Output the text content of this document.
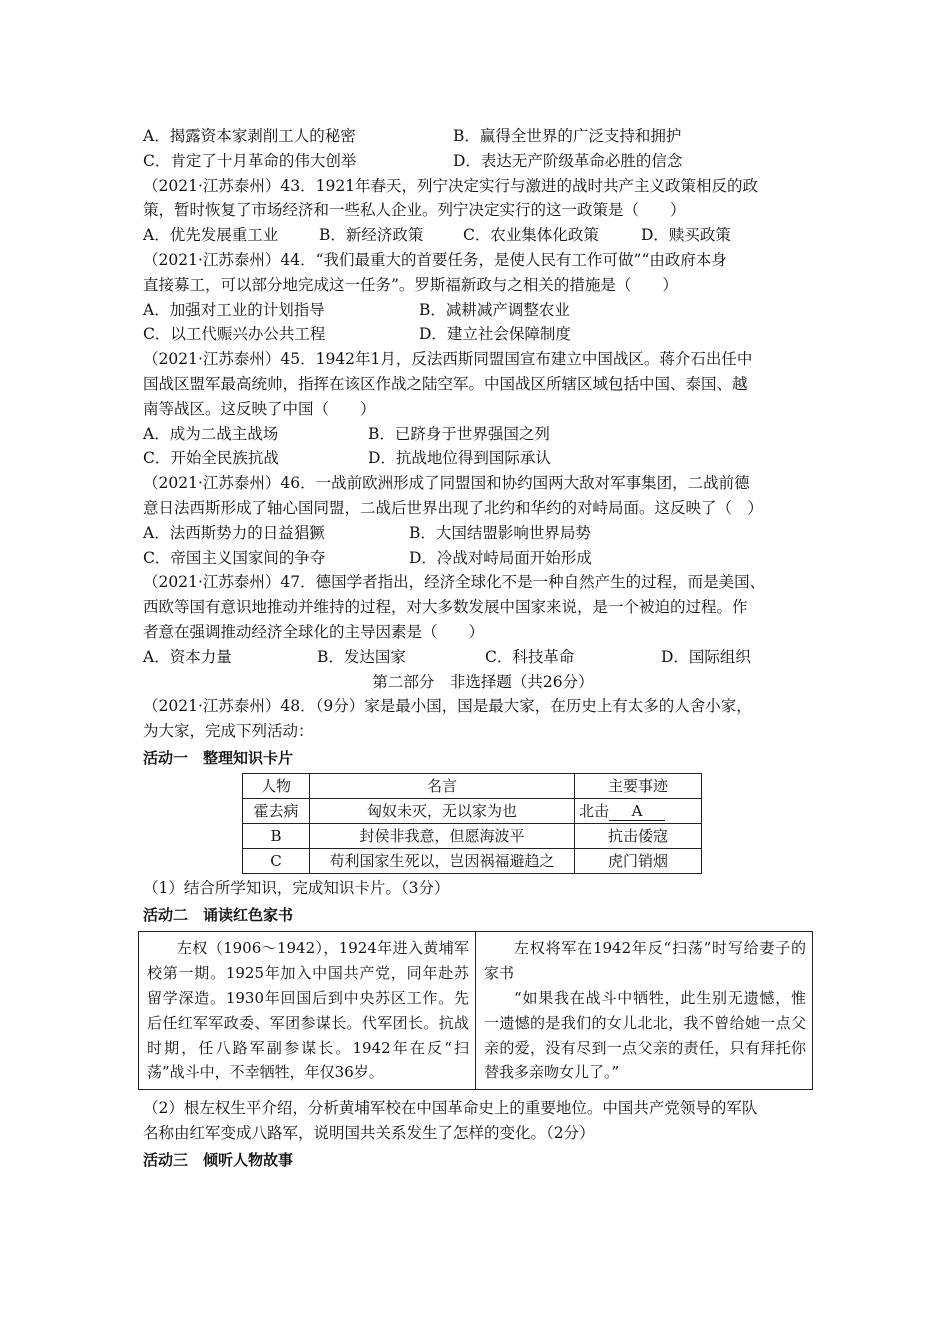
A．揭露资本家剥削工人的秘密	B．赢得全世界的广泛支持和拥护
C．肯定了十月革命的伟大创举	D．表达无产阶级革命必胜的信念
（2021·江苏泰州）43．1921年春天，列宁决定实行与激进的战时共产主义政策相反的政
策，暂时恢复了市场经济和一些私人企业。列宁决定实行的这一政策是（　　）
A．优先发展重工业	B．新经济政策	C．农业集体化政策	D．赎买政策
（2021·江苏泰州）44．“我们最重大的首要任务，是使人民有工作可做”“由政府本身
直接募工，可以部分地完成这一任务”。罗斯福新政与之相关的措施是（　　）
A．加强对工业的计划指导	B．减耕减产调整农业
C．以工代赈兴办公共工程	D．建立社会保障制度
（2021·江苏泰州）45．1942年1月，反法西斯同盟国宣布建立中国战区。蒋介石出任中
国战区盟军最高统帅，指挥在该区作战之陆空军。中国战区所辖区域包括中国、泰国、越
南等战区。这反映了中国（　　）
A．成为二战主战场	B．已跻身于世界强国之列
C．开始全民族抗战	D．抗战地位得到国际承认
（2021·江苏泰州）46．一战前欧洲形成了同盟国和协约国两大敌对军事集团，二战前德
意日法西斯形成了轴心国同盟，二战后世界出现了北约和华约的对峙局面。这反映了（　）
A．法西斯势力的日益猖獗	B．大国结盟影响世界局势
C．帝国主义国家间的争夺	D．冷战对峙局面开始形成
（2021·江苏泰州）47．德国学者指出，经济全球化不是一种自然产生的过程，而是美国、
西欧等国有意识地推动并维持的过程，对大多数发展中国家来说，是一个被迫的过程。作
者意在强调推动经济全球化的主导因素是（　　）
A．资本力量	B．发达国家	C．科技革命	D．国际组织
第二部分　非选择题（共26分）
（2021·江苏泰州）48．（9分）家是最小国，国是最大家，在历史上有太多的人舍小家，
为大家，完成下列活动：
活动一　整理知识卡片
人物	名言	主要事迹
霍去病	匈奴未灭，无以家为也	北击 A
B	封侯非我意，但愿海波平	抗击倭寇
C	苟利国家生死以，岂因祸福避趋之	虎门销烟
（1）结合所学知识，完成知识卡片。（3分）
活动二　诵读红色家书
左权（1906～1942），1924年进入黄埔军校第一期。1925年加入中国共产党，同年赴苏留学深造。1930年回国后到中央苏区工作。先后任红军军政委、军团参谋长。代军团长。抗战时期，任八路军副参谋长。1942年在反“扫荡”战斗中，不幸牺牲，年仅36岁。

左权将军在1942年反“扫荡”时写给妻子的家书
“如果我在战斗中牺牲，此生别无遗憾，惟一遗憾的是我们的女儿北北，我不曾给她一点父亲的爱，没有尽到一点父亲的责任，只有拜托你替我多亲吻女儿了。”
（2）根左权生平介绍，分析黄埔军校在中国革命史上的重要地位。中国共产党领导的军队
名称由红军变成八路军，说明国共关系发生了怎样的变化。（2分）
活动三　倾听人物故事
